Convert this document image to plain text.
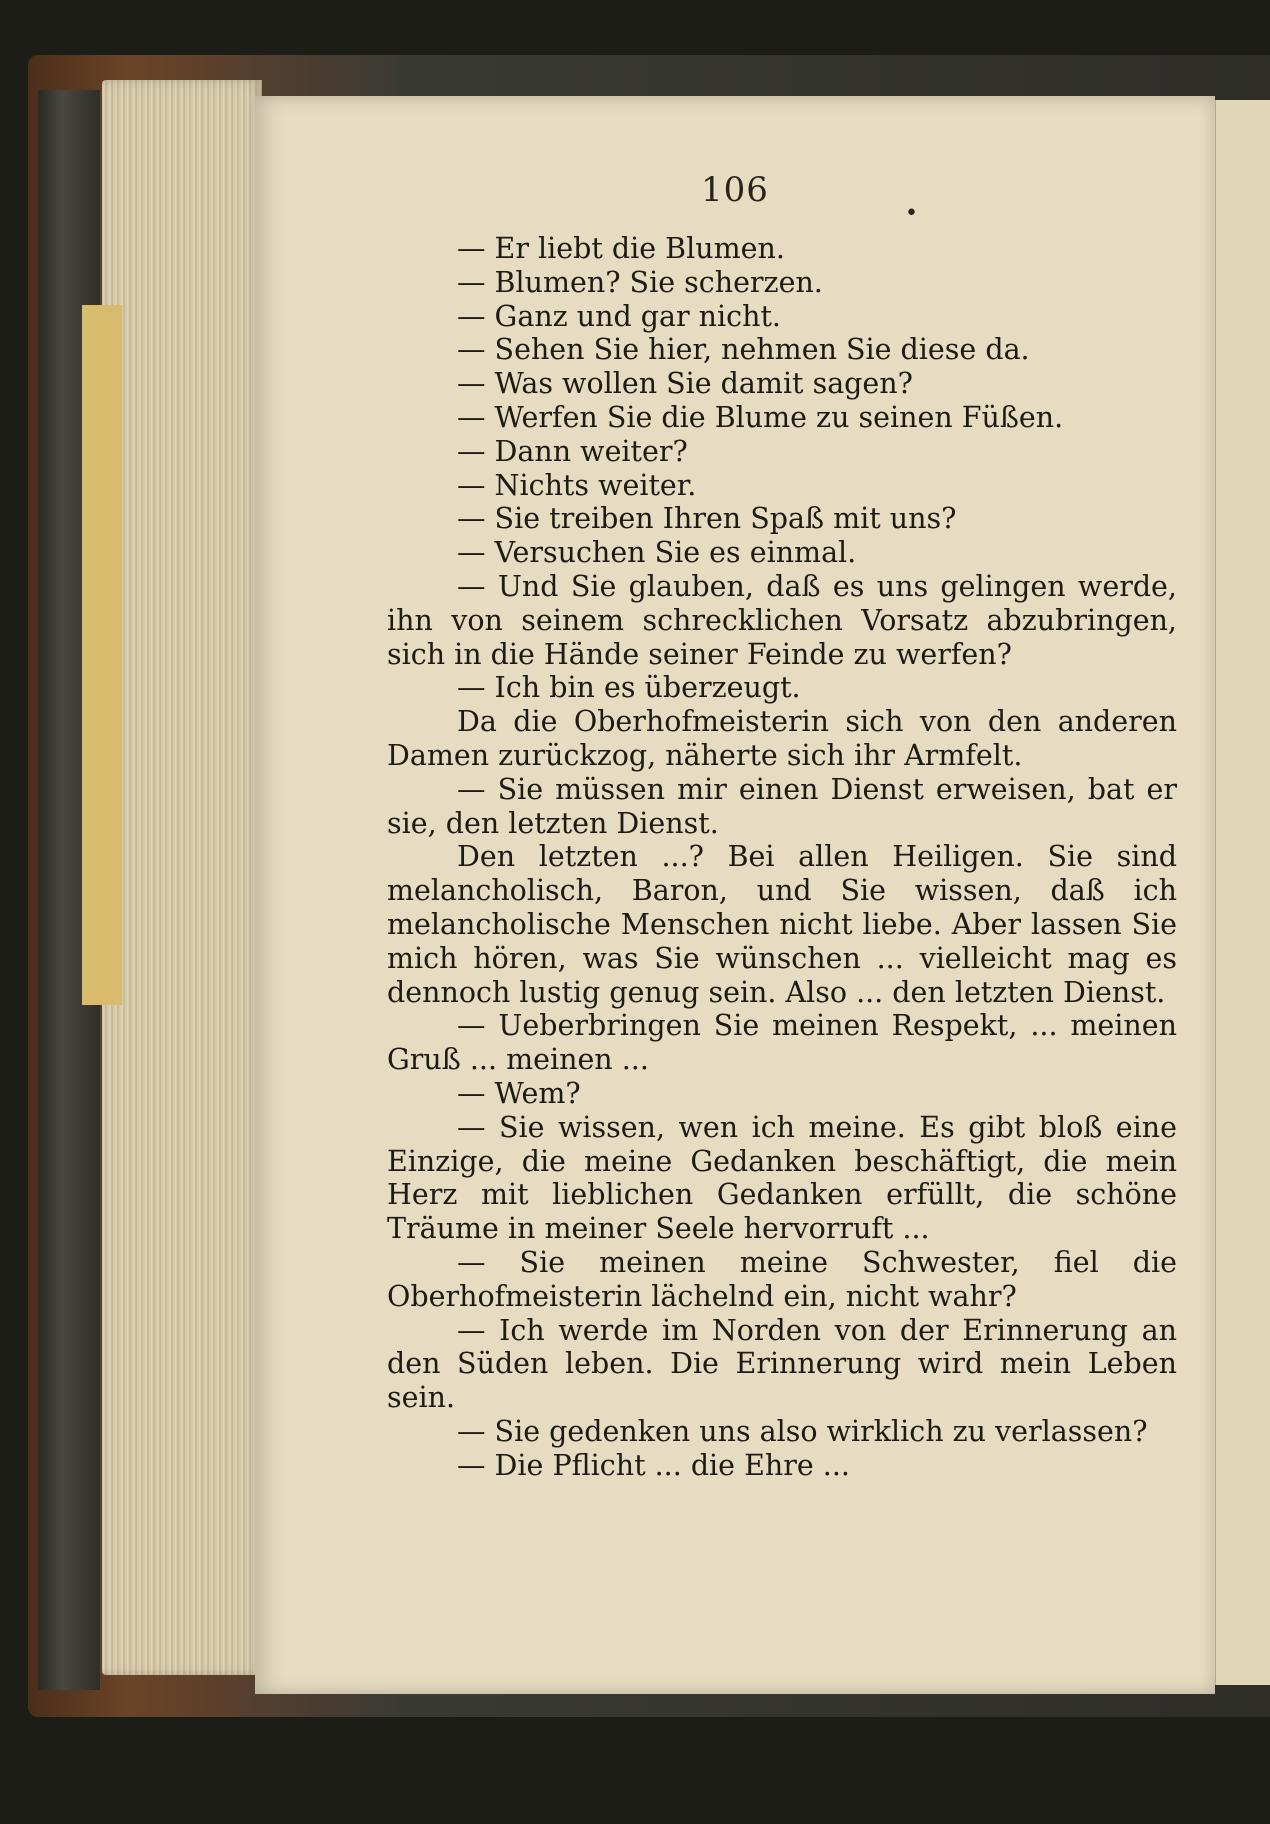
106
•

— Er liebt die Blumen.

— Blumen? Sie scherzen.

— Ganz und gar nicht.

— Sehen Sie hier, nehmen Sie diese da.

— Was wollen Sie damit sagen?

— Werfen Sie die Blume zu seinen Füßen.

— Dann weiter?

— Nichts weiter.

— Sie treiben Ihren Spaß mit uns?

— Versuchen Sie es einmal.

— Und Sie glauben, daß es uns gelingen werde, ihn von seinem schrecklichen Vorsatz abzubringen, sich in die Hände seiner Feinde zu werfen?

— Ich bin es überzeugt.

Da die Oberhofmeisterin sich von den anderen Damen zurückzog, näherte sich ihr Armfelt.

— Sie müssen mir einen Dienst erweisen, bat er sie, den letzten Dienst.

Den letzten ...? Bei allen Heiligen. Sie sind melancholisch, Baron, und Sie wissen, daß ich melancholische Menschen nicht liebe. Aber lassen Sie mich hören, was Sie wünschen ... vielleicht mag es dennoch lustig genug sein. Also ... den letzten Dienst.

— Ueberbringen Sie meinen Respekt, ... meinen Gruß ... meinen ...

— Wem?

— Sie wissen, wen ich meine. Es gibt bloß eine Einzige, die meine Gedanken beschäftigt, die mein Herz mit lieblichen Gedanken erfüllt, die schöne Träume in meiner Seele hervorruft ...

— Sie meinen meine Schwester, fiel die Oberhofmeisterin lächelnd ein, nicht wahr?

— Ich werde im Norden von der Erinnerung an den Süden leben. Die Erinnerung wird mein Leben sein.

— Sie gedenken uns also wirklich zu verlassen?

— Die Pflicht ... die Ehre ...
